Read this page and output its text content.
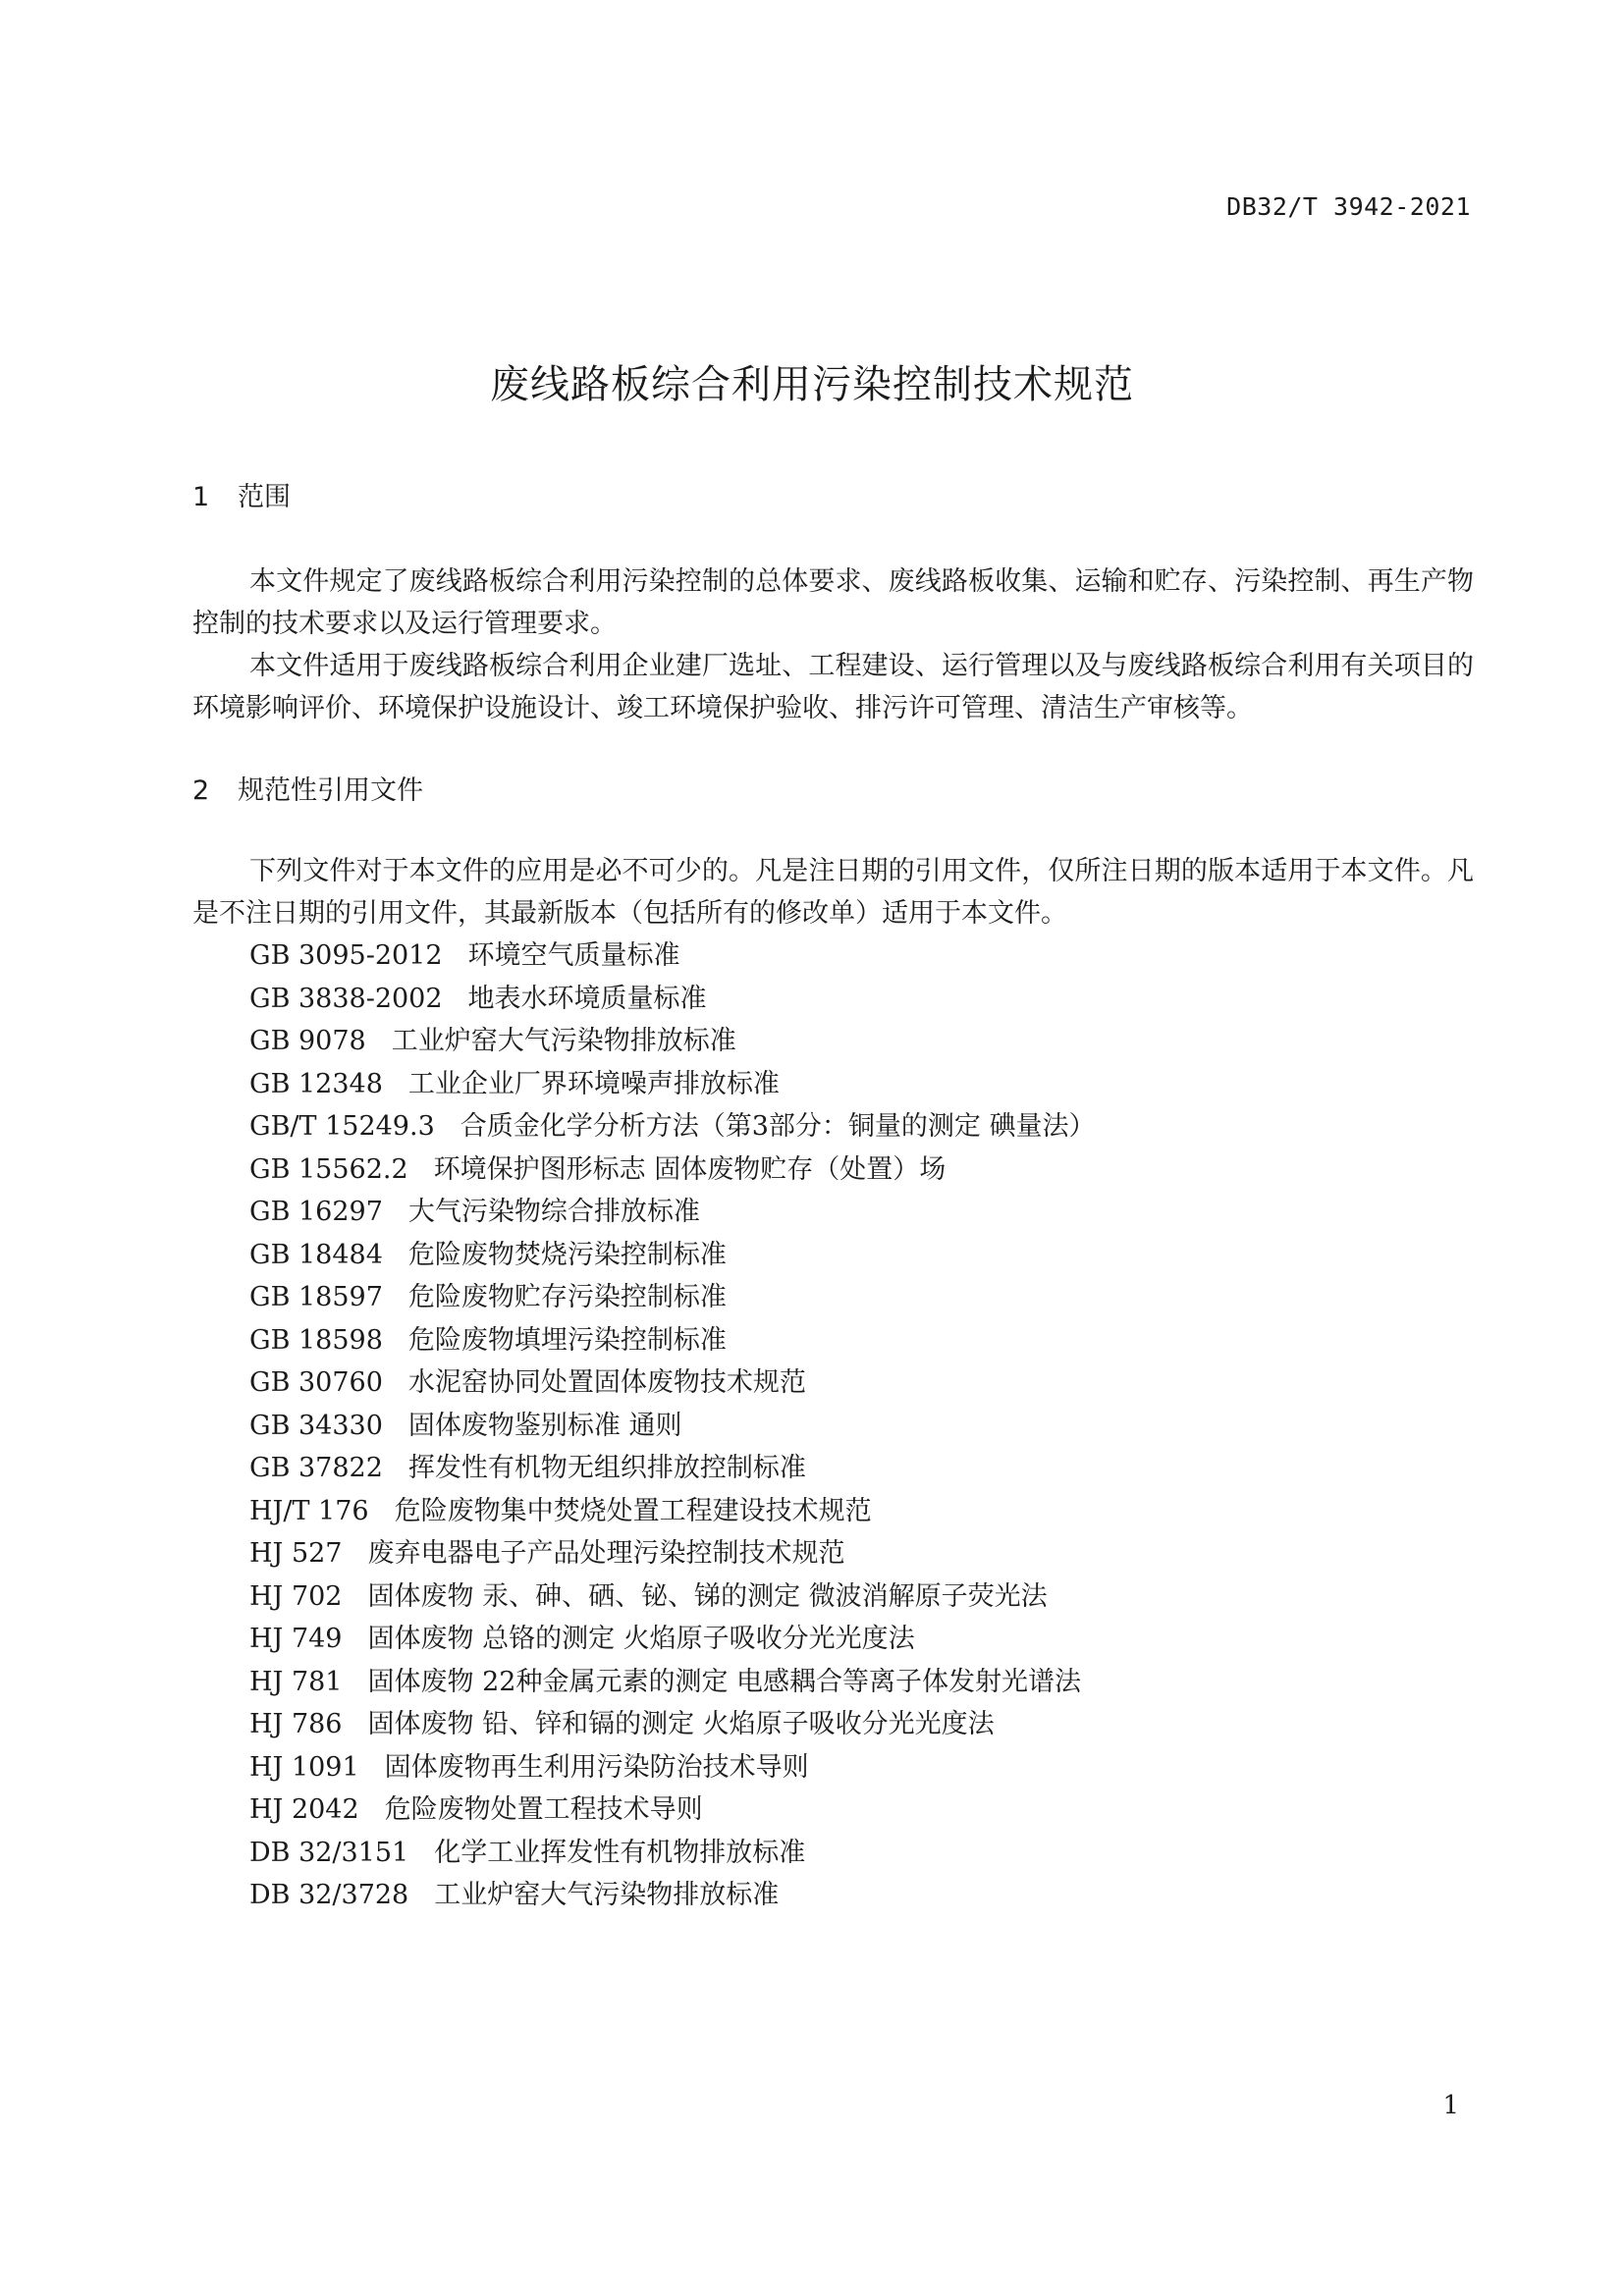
DB32/T 3942-2021
废线路板综合利用污染控制技术规范
1 范围

本文件规定了废线路板综合利用污染控制的总体要求、废线路板收集、运输和贮存、污染控制、再生产物控制的技术要求以及运行管理要求。

本文件适用于废线路板综合利用企业建厂选址、工程建设、运行管理以及与废线路板综合利用有关项目的环境影响评价、环境保护设施设计、竣工环境保护验收、排污许可管理、清洁生产审核等。

2 规范性引用文件

下列文件对于本文件的应用是必不可少的。凡是注日期的引用文件，仅所注日期的版本适用于本文件。凡是不注日期的引用文件，其最新版本（包括所有的修改单）适用于本文件。

GB 3095-2012 环境空气质量标准
GB 3838-2002 地表水环境质量标准
GB 9078 工业炉窑大气污染物排放标准
GB 12348 工业企业厂界环境噪声排放标准
GB/T 15249.3 合质金化学分析方法（第3部分：铜量的测定 碘量法）
GB 15562.2 环境保护图形标志 固体废物贮存（处置）场
GB 16297 大气污染物综合排放标准
GB 18484 危险废物焚烧污染控制标准
GB 18597 危险废物贮存污染控制标准
GB 18598 危险废物填埋污染控制标准
GB 30760 水泥窑协同处置固体废物技术规范
GB 34330 固体废物鉴别标准 通则
GB 37822 挥发性有机物无组织排放控制标准
HJ/T 176 危险废物集中焚烧处置工程建设技术规范
HJ 527 废弃电器电子产品处理污染控制技术规范
HJ 702 固体废物 汞、砷、硒、铋、锑的测定 微波消解原子荧光法
HJ 749 固体废物 总铬的测定 火焰原子吸收分光光度法
HJ 781 固体废物 22种金属元素的测定 电感耦合等离子体发射光谱法
HJ 786 固体废物 铅、锌和镉的测定 火焰原子吸收分光光度法
HJ 1091 固体废物再生利用污染防治技术导则
HJ 2042 危险废物处置工程技术导则
DB 32/3151 化学工业挥发性有机物排放标准
DB 32/3728 工业炉窑大气污染物排放标准
1
